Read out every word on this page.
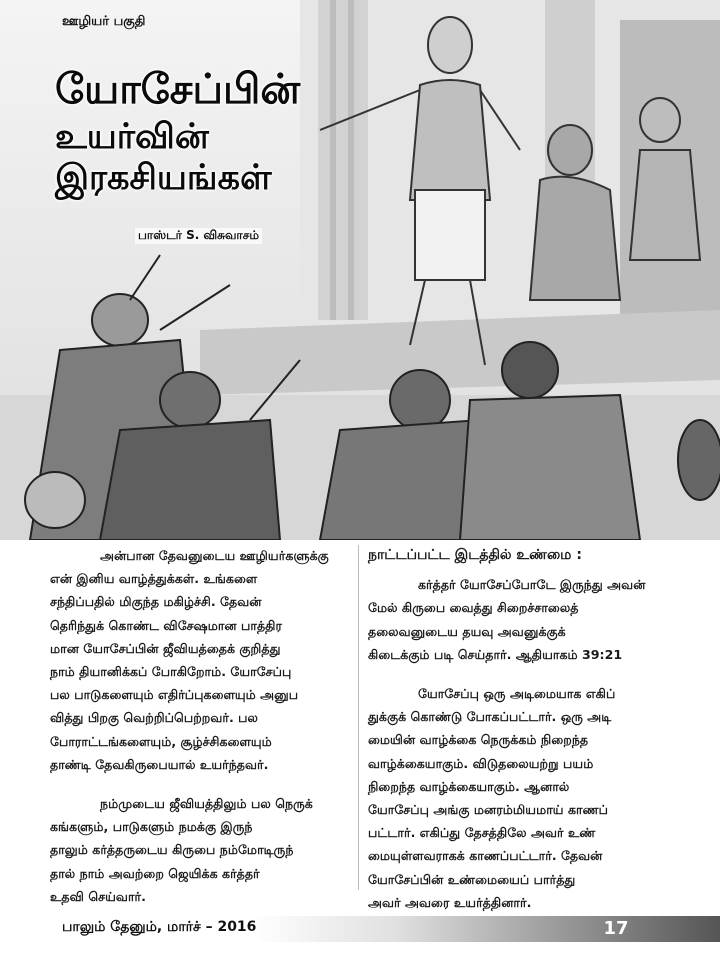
ஊழியர் பகுதி
யோசேப்பின்
உயர்வின்
இரகசியங்கள்
பாஸ்டர் S. விசுவாசம்
அன்பான தேவனுடைய ஊழியர்களுக்கு
என் இனிய வாழ்த்துக்கள். உங்களை
சந்திப்பதில் மிகுந்த மகிழ்ச்சி. தேவன்
தெரிந்துக் கொண்ட விசேஷமான பாத்திர
மான யோசேப்பின் ஜீவியத்தைக் குறித்து
நாம் தியானிக்கப் போகிறோம். யோசேப்பு
பல பாடுகளையும் எதிர்ப்புகளையும் அனுப
வித்து பிறகு வெற்றிப்பெற்றவர். பல
போராட்டங்களையும், சூழ்ச்சிகளையும்
தாண்டி தேவகிருபையால் உயர்ந்தவர்.
நம்முடைய ஜீவியத்திலும் பல நெருக்
கங்களும், பாடுகளும் நமக்கு இருந்
தாலும் கர்த்தருடைய கிருபை நம்மோடிருந்
தால் நாம் அவற்றை ஜெயிக்க கர்த்தர்
உதவி செய்வார்.
நாட்டப்பட்ட இடத்தில் உண்மை :
கர்த்தர் யோசேப்போடே இருந்து அவன்
மேல் கிருபை வைத்து சிறைச்சாலைத்
தலைவனுடைய தயவு அவனுக்குக்
கிடைக்கும் படி செய்தார். ஆதியாகம் 39:21
யோசேப்பு ஒரு அடிமையாக எகிப்
துக்குக் கொண்டு போகப்பட்டார். ஒரு அடி
மையின் வாழ்க்கை நெருக்கம் நிறைந்த
வாழ்க்கையாகும். விடுதலையற்று பயம்
நிறைந்த வாழ்க்கையாகும். ஆனால்
யோசேப்பு அங்கு மனரம்மியமாய் காணப்
பட்டார். எகிப்து தேசத்திலே அவர் உண்
மையுள்ளவராகக் காணப்பட்டார். தேவன்
யோசேப்பின் உண்மையைப் பார்த்து
அவர் அவரை உயர்த்தினார்.
பாலும் தேனும், மார்ச் – 2016	17
